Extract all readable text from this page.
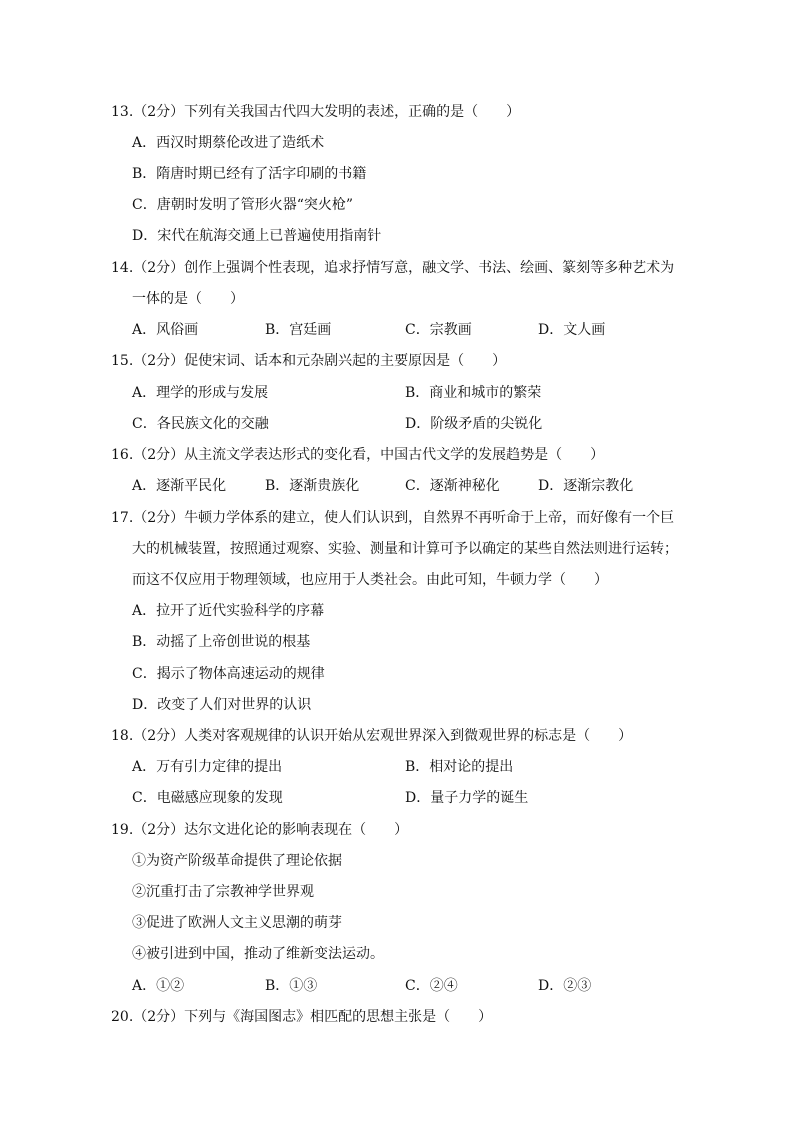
13.（2分）下列有关我国古代四大发明的表述，正确的是（　　）
A．西汉时期蔡伦改进了造纸术
B．隋唐时期已经有了活字印刷的书籍
C．唐朝时发明了管形火器“突火枪”
D．宋代在航海交通上已普遍使用指南针
14.（2分）创作上强调个性表现，追求抒情写意，融文学、书法、绘画、篆刻等多种艺术为
一体的是（　　）
A．风俗画	B．宫廷画	C．宗教画	D．文人画
15.（2分）促使宋词、话本和元杂剧兴起的主要原因是（　　）
A．理学的形成与发展	B．商业和城市的繁荣
C．各民族文化的交融	D．阶级矛盾的尖锐化
16.（2分）从主流文学表达形式的变化看，中国古代文学的发展趋势是（　　）
A．逐渐平民化	B．逐渐贵族化	C．逐渐神秘化	D．逐渐宗教化
17.（2分）牛顿力学体系的建立，使人们认识到，自然界不再听命于上帝，而好像有一个巨
大的机械装置，按照通过观察、实验、测量和计算可予以确定的某些自然法则进行运转；
而这不仅应用于物理领域，也应用于人类社会。由此可知，牛顿力学（　　）
A．拉开了近代实验科学的序幕
B．动摇了上帝创世说的根基
C．揭示了物体高速运动的规律
D．改变了人们对世界的认识
18.（2分）人类对客观规律的认识开始从宏观世界深入到微观世界的标志是（　　）
A．万有引力定律的提出	B．相对论的提出
C．电磁感应现象的发现	D．量子力学的诞生
19.（2分）达尔文进化论的影响表现在（　　）
①为资产阶级革命提供了理论依据
②沉重打击了宗教神学世界观
③促进了欧洲人文主义思潮的萌芽
④被引进到中国，推动了维新变法运动。
A．①②	B．①③	C．②④	D．②③
20.（2分）下列与《海国图志》相匹配的思想主张是（　　）
